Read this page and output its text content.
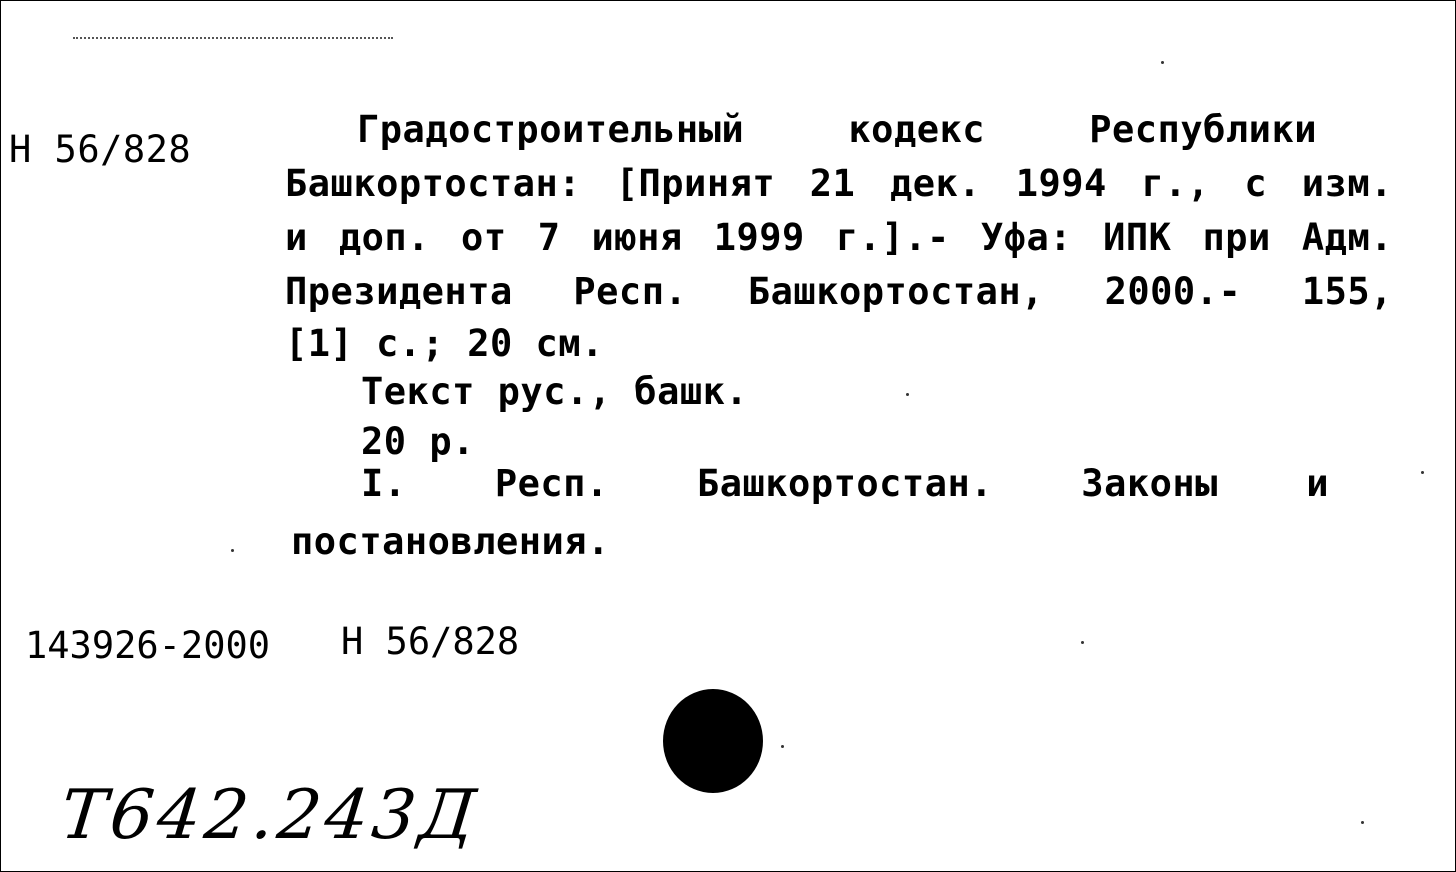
Н 56/828	Градостроительный	кодекс	Республики
Башкортостан: [Принят 21 дек. 1994 г., с изм.
и доп. от 7 июня 1999 г.].- Уфа: ИПК при Адм.
Президента Респ. Башкортостан, 2000.- 155,
[1] с.; 20 см.
Текст рус., башк.
20 р.
I. Респ. Башкортостан. Законы и
постановления.
143926-2000 Н 56/828
Т642.243Д
